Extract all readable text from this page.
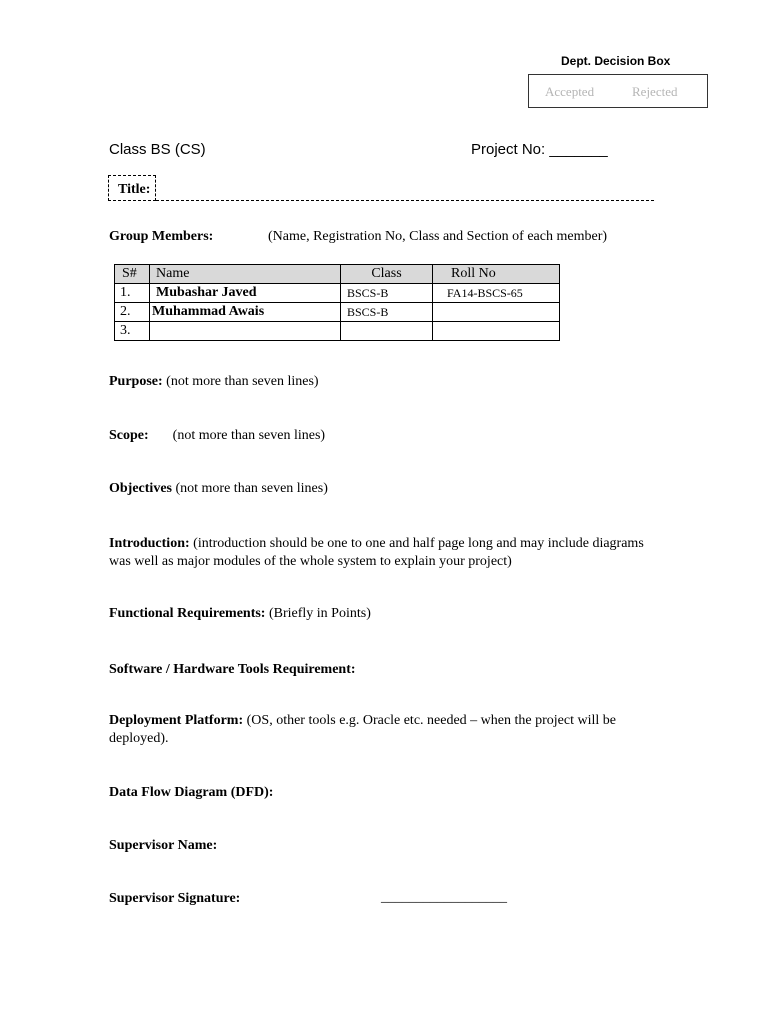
Dept. Decision Box
Accepted	Rejected
Class BS (CS)	Project No: _______
Title:
Group Members:	(Name, Registration No, Class and Section of each member)
S#	Name	Class	Roll No
1.	Mubashar Javed	BSCS-B	FA14-BSCS-65
2.	Muhammad Awais	BSCS-B	
3.			
Purpose: (not more than seven lines)
Scope: (not more than seven lines)
Objectives (not more than seven lines)
Introduction: (introduction should be one to one and half page long and may include diagrams was well as major modules of the whole system to explain your project)
Functional Requirements: (Briefly in Points)
Software / Hardware Tools Requirement:
Deployment Platform: (OS, other tools e.g. Oracle etc. needed – when the project will be deployed).
Data Flow Diagram (DFD):
Supervisor Name:
Supervisor Signature:	__________________
